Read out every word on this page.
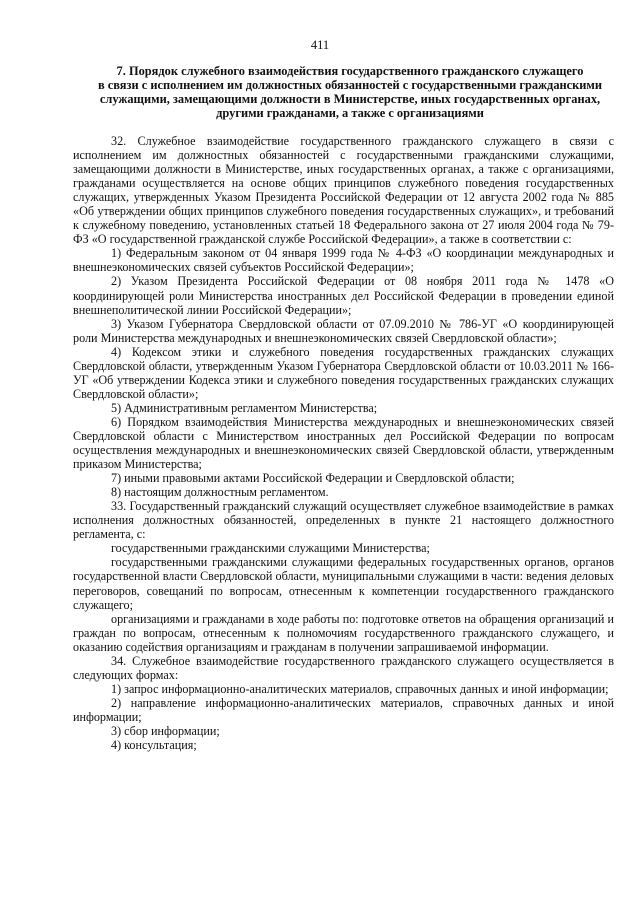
411
7. Порядок служебного взаимодействия государственного гражданского служащего
в связи с исполнением им должностных обязанностей с государственными гражданскими
служащими, замещающими должности в Министерстве, иных государственных органах,
другими гражданами, а также с организациями

32. Служебное взаимодействие государственного гражданского служащего в связи с исполнением им должностных обязанностей с государственными гражданскими служащими, замещающими должности в Министерстве, иных государственных органах, а также с организациями, гражданами осуществляется на основе общих принципов служебного поведения государственных служащих, утвержденных Указом Президента Российской Федерации от 12 августа 2002 года № 885 «Об утверждении общих принципов служебного поведения государственных служащих», и требований к служебному поведению, установленных статьей 18 Федерального закона от 27 июля 2004 года № 79-ФЗ «О государственной гражданской службе Российской Федерации», а также в соответствии с:

1) Федеральным законом от 04 января 1999 года № 4-ФЗ «О координации международных и внешнеэкономических связей субъектов Российской Федерации»;

2) Указом Президента Российской Федерации от 08 ноября 2011 года № 1478 «О координирующей роли Министерства иностранных дел Российской Федерации в проведении единой внешнеполитической линии Российской Федерации»;

3) Указом Губернатора Свердловской области от 07.09.2010 № 786-УГ «О координирующей роли Министерства международных и внешнеэкономических связей Свердловской области»;

4) Кодексом этики и служебного поведения государственных гражданских служащих Свердловской области, утвержденным Указом Губернатора Свердловской области от 10.03.2011 № 166-УГ «Об утверждении Кодекса этики и служебного поведения государственных гражданских служащих Свердловской области»;

5) Административным регламентом Министерства;

6) Порядком взаимодействия Министерства международных и внешнеэкономических связей Свердловской области с Министерством иностранных дел Российской Федерации по вопросам осуществления международных и внешнеэкономических связей Свердловской области, утвержденным приказом Министерства;

7) иными правовыми актами Российской Федерации и Свердловской области;

8) настоящим должностным регламентом.

33. Государственный гражданский служащий осуществляет служебное взаимодействие в рамках исполнения должностных обязанностей, определенных в пункте 21 настоящего должностного регламента, с:

государственными гражданскими служащими Министерства;

государственными гражданскими служащими федеральных государственных органов, органов государственной власти Свердловской области, муниципальными служащими в части: ведения деловых переговоров, совещаний по вопросам, отнесенным к компетенции государственного гражданского служащего;

организациями и гражданами в ходе работы по: подготовке ответов на обращения организаций и граждан по вопросам, отнесенным к полномочиям государственного гражданского служащего, и оказанию содействия организациям и гражданам в получении запрашиваемой информации.

34. Служебное взаимодействие государственного гражданского служащего осуществляется в следующих формах:

1) запрос информационно-аналитических материалов, справочных данных и иной информации;

2) направление информационно-аналитических материалов, справочных данных и иной информации;

3) сбор информации;

4) консультация;
